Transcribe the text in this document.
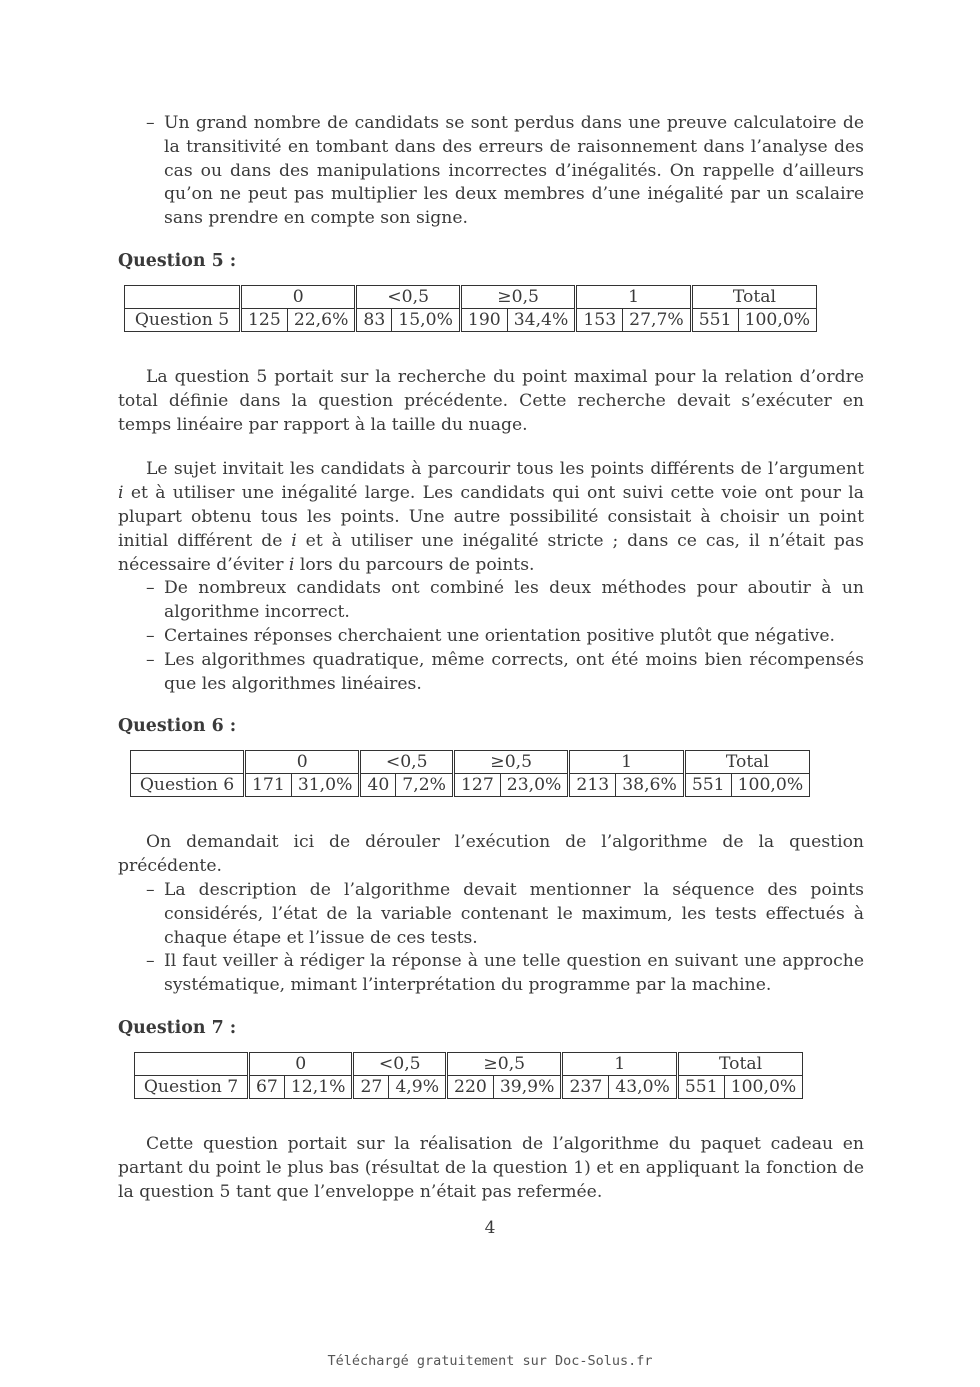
– Un grand nombre de candidats se sont perdus dans une preuve calculatoire de la transitivité en tombant dans des erreurs de raisonnement dans l’analyse des cas ou dans des manipulations incorrectes d’inégalités. On rappelle d’ailleurs qu’on ne peut pas multiplier les deux membres d’une inégalité par un scalaire sans prendre en compte son signe.
Question 5 :
	0		<0,5		≥0,5		1		Total	
Question 5	125	22,6%	83	15,0%	190	34,4%	153	27,7%	551	100,0%

La question 5 portait sur la recherche du point maximal pour la relation d’ordre total définie dans la question précédente. Cette recherche devait s’exécuter en temps linéaire par rapport à la taille du nuage.

Le sujet invitait les candidats à parcourir tous les points différents de l’argument i et à utiliser une inégalité large. Les candidats qui ont suivi cette voie ont pour la plupart obtenu tous les points. Une autre possibilité consistait à choisir un point initial différent de i et à utiliser une inégalité stricte ; dans ce cas, il n’était pas nécessaire d’éviter i lors du parcours de points.

– De nombreux candidats ont combiné les deux méthodes pour aboutir à un algorithme incorrect.
– Certaines réponses cherchaient une orientation positive plutôt que négative.
– Les algorithmes quadratique, même corrects, ont été moins bien récompensés que les algorithmes linéaires.
Question 6 :
	0		<0,5		≥0,5		1		Total	
Question 6	171	31,0%	40	7,2%	127	23,0%	213	38,6%	551	100,0%

On demandait ici de dérouler l’exécution de l’algorithme de la question précédente.

– La description de l’algorithme devait mentionner la séquence des points considérés, l’état de la variable contenant le maximum, les tests effectués à chaque étape et l’issue de ces tests.
– Il faut veiller à rédiger la réponse à une telle question en suivant une approche systématique, mimant l’interprétation du programme par la machine.
Question 7 :
	0		<0,5		≥0,5		1		Total	
Question 7	67	12,1%	27	4,9%	220	39,9%	237	43,0%	551	100,0%

Cette question portait sur la réalisation de l’algorithme du paquet cadeau en partant du point le plus bas (résultat de la question 1) et en appliquant la fonction de la question 5 tant que l’enveloppe n’était pas refermée.

4
Téléchargé gratuitement sur Doc-Solus.fr
